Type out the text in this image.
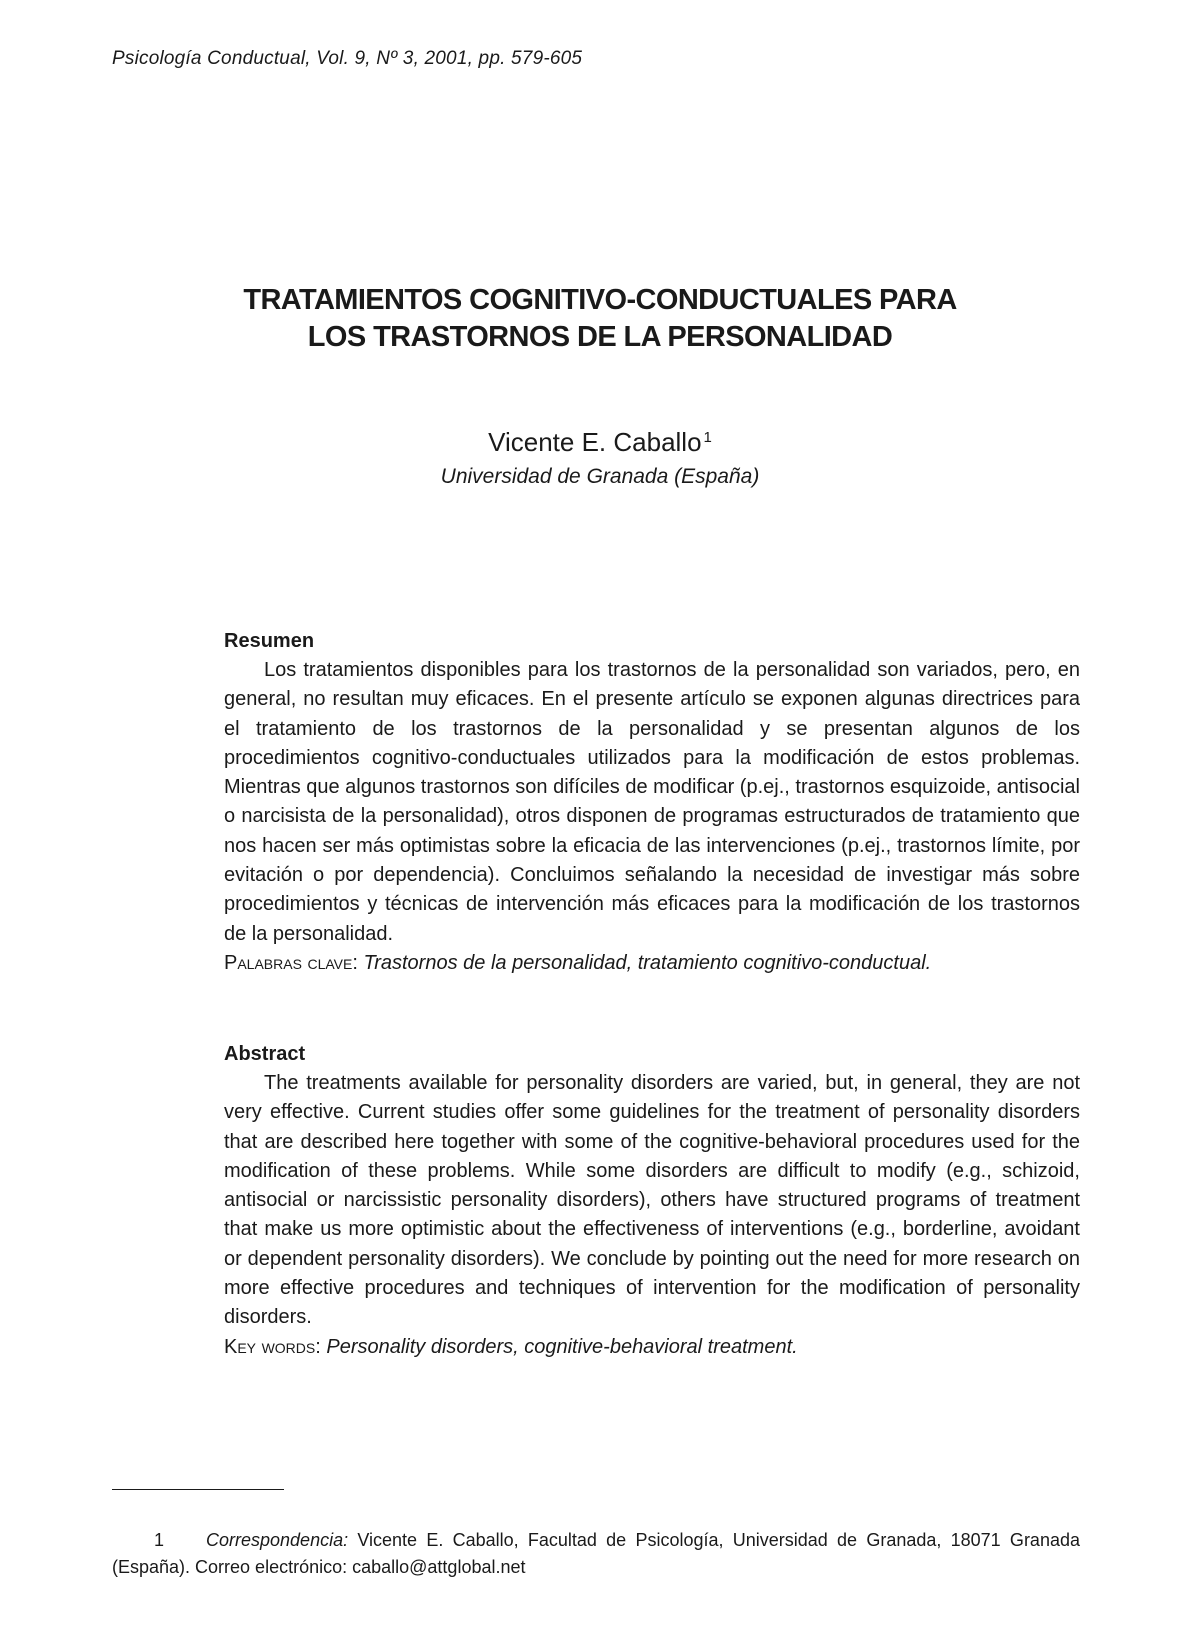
Psicología Conductual, Vol. 9, Nº 3, 2001, pp. 579-605
TRATAMIENTOS COGNITIVO-CONDUCTUALES PARA
LOS TRASTORNOS DE LA PERSONALIDAD
Vicente E. Caballo $^1$
Universidad de Granada (España)
Resumen

Los tratamientos disponibles para los trastornos de la personalidad son variados, pero, en general, no resultan muy eficaces. En el presente artículo se exponen algunas directrices para el tratamiento de los trastornos de la personalidad y se presentan algunos de los procedimientos cognitivo-conductuales utilizados para la modificación de estos problemas. Mientras que algunos trastornos son difíciles de modificar (p.ej., trastornos esquizoide, antisocial o narcisista de la personalidad), otros disponen de programas estructurados de tratamiento que nos hacen ser más optimistas sobre la eficacia de las intervenciones (p.ej., trastornos límite, por evitación o por dependencia). Concluimos señalando la necesidad de investigar más sobre procedimientos y técnicas de intervención más eficaces para la modificación de los trastornos de la personalidad.

Palabras clave: Trastornos de la personalidad, tratamiento cognitivo-conductual.

Abstract

The treatments available for personality disorders are varied, but, in general, they are not very effective. Current studies offer some guidelines for the treatment of personality disorders that are described here together with some of the cognitive-behavioral procedures used for the modification of these problems. While some disorders are difficult to modify (e.g., schizoid, antisocial or narcissistic personality disorders), others have structured programs of treatment that make us more optimistic about the effectiveness of interventions (e.g., borderline, avoidant or dependent personality disorders). We conclude by pointing out the need for more research on more effective procedures and techniques of intervention for the modification of personality disorders.

Key words: Personality disorders, cognitive-behavioral treatment.

1 Correspondencia: Vicente E. Caballo, Facultad de Psicología, Universidad de Granada, 18071 Granada (España). Correo electrónico: caballo@attglobal.net
